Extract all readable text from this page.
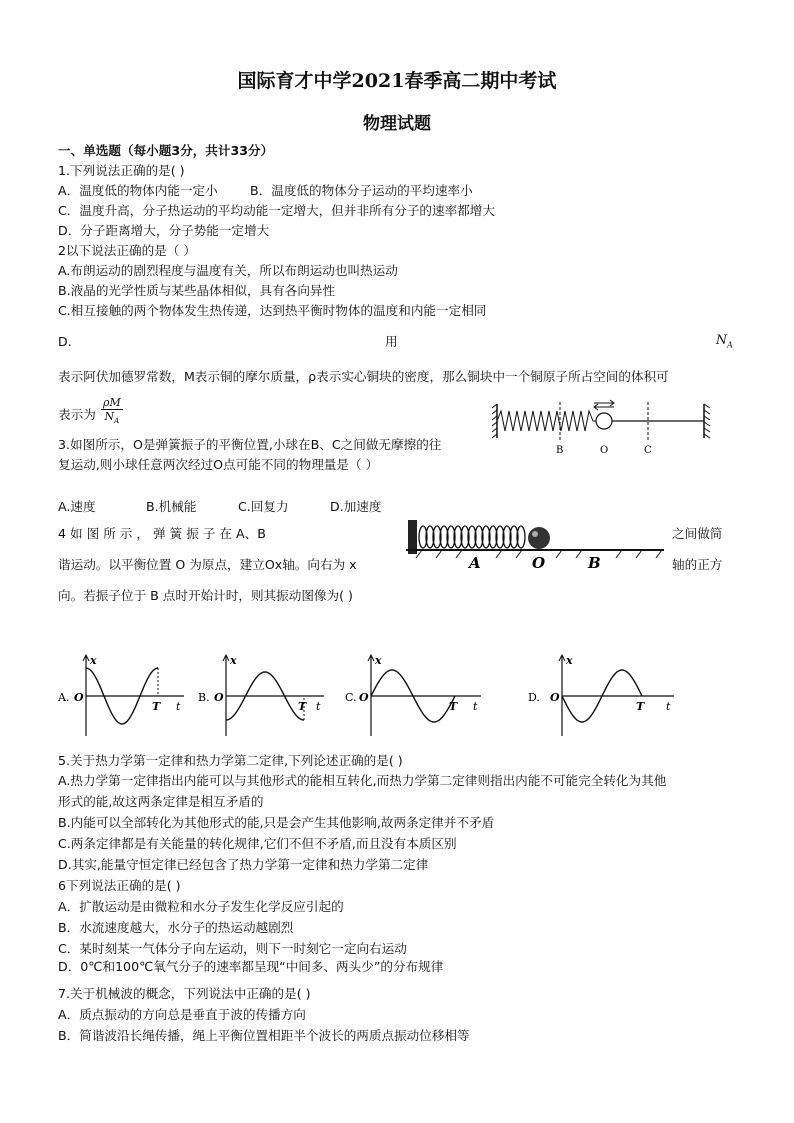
国际育才中学2021春季高二期中考试
物理试题
一、单选题（每小题3分，共计33分）
1.下列说法正确的是( )
A．温度低的物体内能一定小	B．温度低的物体分子运动的平均速率小
C．温度升高，分子热运动的平均动能一定增大，但并非所有分子的速率都增大
D．分子距离增大，分子势能一定增大
2以下说法正确的是（ ）
A.布朗运动的剧烈程度与温度有关，所以布朗运动也叫热运动
B.液晶的光学性质与某些晶体相似，具有各向异性
C.相互接触的两个物体发生热传递，达到热平衡时物体的温度和内能一定相同
D.	用	$N_A$
表示阿伏加德罗常数，M表示铜的摩尔质量，ρ表示实心铜块的密度，那么铜块中一个铜原子所占空间的体积可
表示为 $\frac{\rho M}{N_A}$
B	O	C
3.如图所示，O是弹簧振子的平衡位置,小球在B、C之间做无摩擦的往
复运动,则小球任意两次经过O点可能不同的物理量是（ ）
A.速度	B.机械能	C.回复力	D.加速度
4 如 图 所 示 ， 弹 簧 振 子 在 A、B	之间做简
谐运动。以平衡位置 O 为原点，建立Ox轴。向右为 x	轴的正方
向。若振子位于 B 点时开始计时，则其振动图像为( )
A	O	B
A.
x
O
T t
B.
x
O
T t
C.
x
O
T t
D.
x
O
T t
5.关于热力学第一定律和热力学第二定律,下列论述正确的是( )
A.热力学第一定律指出内能可以与其他形式的能相互转化,而热力学第二定律则指出内能不可能完全转化为其他
形式的能,故这两条定律是相互矛盾的
B.内能可以全部转化为其他形式的能,只是会产生其他影响,故两条定律并不矛盾
C.两条定律都是有关能量的转化规律,它们不但不矛盾,而且没有本质区别
D.其实,能量守恒定律已经包含了热力学第一定律和热力学第二定律
6下列说法正确的是( )
A．扩散运动是由微粒和水分子发生化学反应引起的
B．水流速度越大，水分子的热运动越剧烈
C．某时刻某一气体分子向左运动，则下一时刻它一定向右运动
D．0℃和100℃氧气分子的速率都呈现“中间多、两头少”的分布规律
7.关于机械波的概念，下列说法中正确的是( )
A．质点振动的方向总是垂直于波的传播方向
B．简谐波沿长绳传播，绳上平衡位置相距半个波长的两质点振动位移相等
